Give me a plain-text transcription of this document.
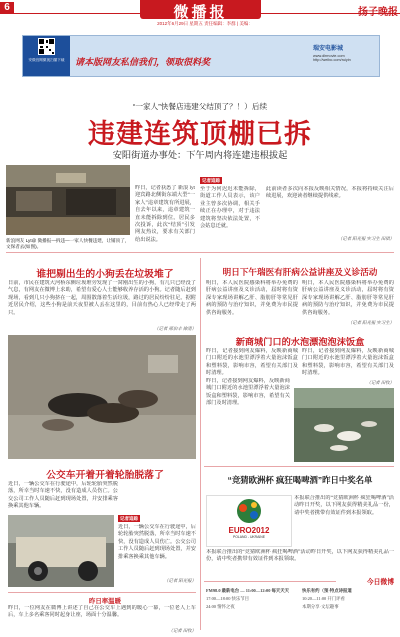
6	微播报
2012年6月29日 星期五 责任编辑：李群 | 美编：
扬子晚报
安微官网微视扫描下载	请本版网友私信我们，领取很料奖
瑞安电影城
www.dlrmovie.com
http://weibo.com/ruiyin
“一家人”快餐店违建父结顶了？！）后续
违建连筑顶棚已拆
安阳街道办事处：下午周内将连建违根拔起
新浪网友 Lyt@ 微播报—拆违—一家人快餐违建，让铺顶了，文保者去(如图)。
昨日，记者获悉了 新浪 lyt 迎宾路北侧街东端大型“一家人”违章建筑有所进展，自去年以来，违章建筑一直未能拆除到位。居民多次投诉，此次“结顶”引发网友热议，要求有关部门给出说法。
记者追踪
至于为何迟迟未能拆除，街道工作人员表示，该户业主曾多次协调，相关手续正在办理中，对于违法建筑将坚决依法处置，不会姑息迁就。
此前读者多次向本报反映相关情况，本报将持续关注后续进展，欢迎读者继续提供线索。
（记者 阳光报 实习生 田琪）
谁把剔出生的小狗丢在垃圾堆了
日前，市民在建筑大河桥东侧垃圾堆旁发现了一窝刚出生的小狗，有几只已经没了气息，有网友在微博上求助，希望有爱心人士能够收养存活的小狗。记者随后赶到现场，看到几只小狗挤在一起，周围散落着生活垃圾，路过的居民纷纷驻足。据附近居民介绍，这些小狗是前天夜里被人丢在这里的，目前有热心人已经带走了两只。
（记者 邢伯丰 徐清）
公交车开着开着轮胎脱落了
近日，一辆公交车在行驶途中，后轮轮胎突然脱落，所幸当时车速不快，没有造成人员伤亡。公交公司工作人员随后赶到现场处置，并安排乘客换乘其他车辆。
记者追踪
近日，一辆公交车在行驶途中，后轮轮胎突然脱落，所幸当时车速不快，没有造成人员伤亡。公交公司工作人员随后赶到现场处置，并安排乘客换乘其他车辆。
（记者 阳光报）
昨日率温暖
昨日，一位网友在微博上讲述了自己在公交车上遇到的暖心一幕，一位老人上车后，车上多名乘客同时起身让座，场面十分温馨。
（记者 田牧）
明日下午瑞医有肝病公益讲座及义诊活动
明日，本人民医院感染科将举办免费的肝病公益讲座及义诊活动，届时将有资深专家现场讲解乙肝、脂肪肝等常见肝病的预防与治疗知识，并免费为市民提供咨询服务。
明日，本人民医院感染科将举办免费的肝病公益讲座及义诊活动，届时将有资深专家现场讲解乙肝、脂肪肝等常见肝病的预防与治疗知识，并免费为市民提供咨询服务。
（记者 阳光报 实习生）
新商城门口的水泡漂泡泡沫饭盒
昨日，记者接到网友爆料，反映新商城门口附近的水池里漂浮着大量泡沫饭盒和塑料袋，影响市容，希望有关部门及时清理。
昨日，记者接到网友爆料，反映新商城门口附近的水池里漂浮着大量泡沫饭盒和塑料袋，影响市容，希望有关部门及时清理。
（记者 田牧）
昨日，记者接到网友爆料，反映新商城门口附近的水池里漂浮着大量泡沫饭盒和塑料袋，影响市容，希望有关部门及时清理。
“竞猜欧洲杯 疯狂喝啤酒”昨日中奖名单
EURO2012
POLAND - UKRAINE
本报联合推出的“竞猜欧洲杯 疯狂喝啤酒”活动昨日开奖，以下网友获得精美礼品一份，请中奖者携带有效证件到本报领取。
本报联合推出的“竞猜欧洲杯 疯狂喝啤酒”活动昨日开奖，以下网友获得精美礼品一份，请中奖者携带有效证件到本报领取。
今日微博
FM98.0 最新电台 — 11:00—12:00 每天天天
17:00—18:00 快乐节目
24:00 情怀之夜
快乐有约（预·特点诗报道
10:20—11:00 开门评看
本期分享·文坛趣事
